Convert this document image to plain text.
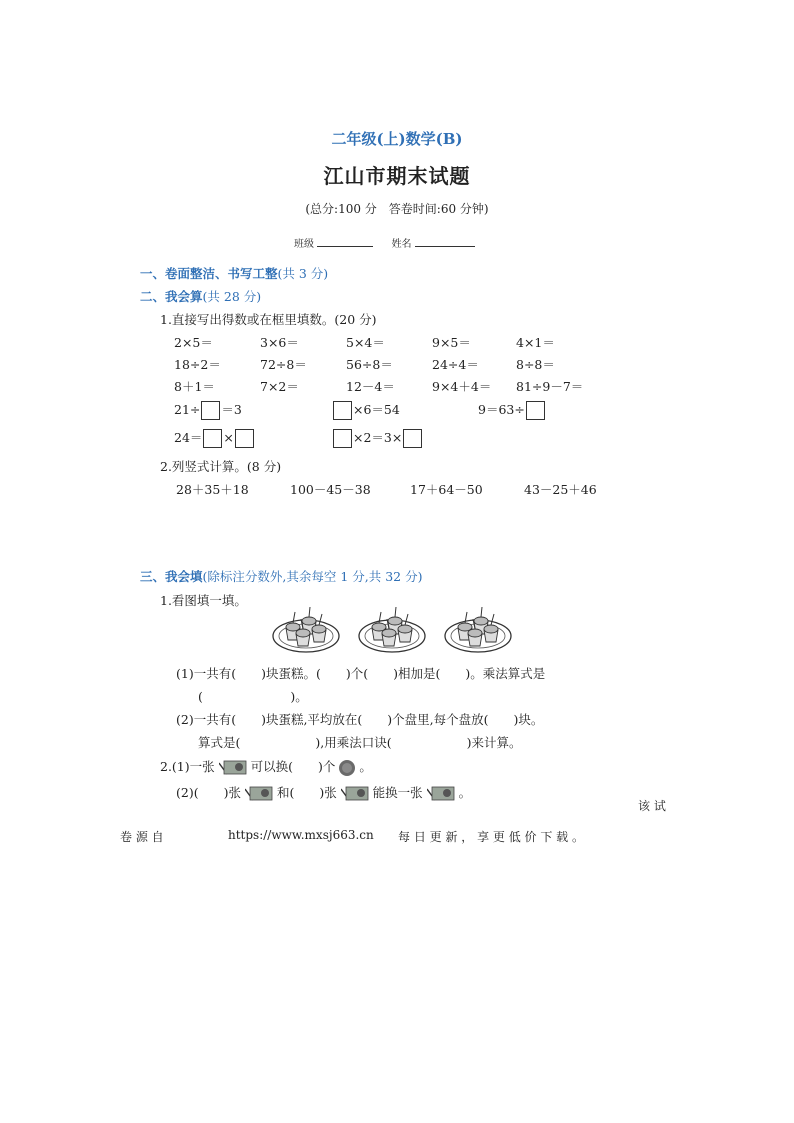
二年级(上)数学(B)
江山市期末试题
(总分:100 分　答卷时间:60 分钟)
班级	姓名
一、卷面整洁、书写工整(共 3 分)
二、我会算(共 28 分)
1.直接写出得数或在框里填数。(20 分)
2×5＝	3×6＝	5×4＝	9×5＝	4×1＝
18÷2＝	72÷8＝	56÷8＝	24÷4＝	8÷8＝
8＋1＝	7×2＝	12－4＝	9×4＋4＝ 81÷9－7＝
21÷ ＝3	×6＝54	9＝63÷
24＝ ×	×2＝3×
2.列竖式计算。(8 分)
28＋35＋18	100－45－38	17＋64－50	43－25＋46
三、我会填(除标注分数外,其余每空 1 分,共 32 分)
1.看图填一填。
(1)一共有(　　)块蛋糕。(　　)个(　　)相加是(　　)。乘法算式是
(　　　　　　　)。
(2)一共有(　　)块蛋糕,平均放在(　　)个盘里,每个盘放(　　)块。
算式是(　　　　　　),用乘法口诀(　　　　　　)来计算。
2.(1)一张	可以换(　　)个 。
(2)(　　)张	和(　　)张	能换一张	。
该 试
卷 源 自	https://www.mxsj663.cn 每 日 更 新 ， 享 更 低 价 下 载 。
